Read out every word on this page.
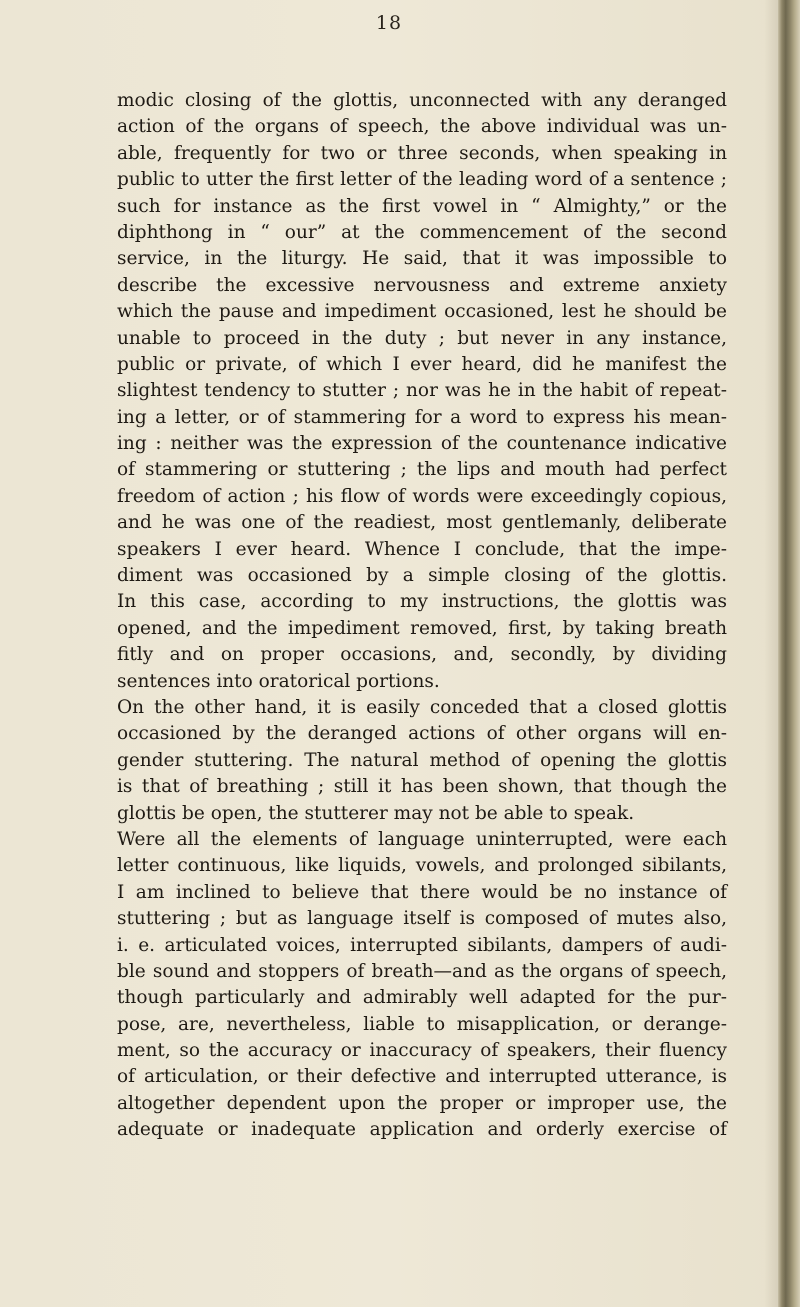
18
modic closing of the glottis, unconnected with any deranged
action of the organs of speech, the above individual was un-
able, frequently for two or three seconds, when speaking in
public to utter the first letter of the leading word of a sentence ;
such for instance as the first vowel in “ Almighty,” or the
diphthong in “ our” at the commencement of the second
service, in the liturgy. He said, that it was impossible to
describe the excessive nervousness and extreme anxiety
which the pause and impediment occasioned, lest he should be
unable to proceed in the duty ; but never in any instance,
public or private, of which I ever heard, did he manifest the
slightest tendency to stutter ; nor was he in the habit of repeat-
ing a letter, or of stammering for a word to express his mean-
ing : neither was the expression of the countenance indicative
of stammering or stuttering ; the lips and mouth had perfect
freedom of action ; his flow of words were exceedingly copious,
and he was one of the readiest, most gentlemanly, deliberate
speakers I ever heard. Whence I conclude, that the impe-
diment was occasioned by a simple closing of the glottis.
In this case, according to my instructions, the glottis was
opened, and the impediment removed, first, by taking breath
fitly and on proper occasions, and, secondly, by dividing
sentences into oratorical portions.
On the other hand, it is easily conceded that a closed glottis
occasioned by the deranged actions of other organs will en-
gender stuttering. The natural method of opening the glottis
is that of breathing ; still it has been shown, that though the
glottis be open, the stutterer may not be able to speak.
Were all the elements of language uninterrupted, were each
letter continuous, like liquids, vowels, and prolonged sibilants,
I am inclined to believe that there would be no instance of
stuttering ; but as language itself is composed of mutes also,
i. e. articulated voices, interrupted sibilants, dampers of audi-
ble sound and stoppers of breath—and as the organs of speech,
though particularly and admirably well adapted for the pur-
pose, are, nevertheless, liable to misapplication, or derange-
ment, so the accuracy or inaccuracy of speakers, their fluency
of articulation, or their defective and interrupted utterance, is
altogether dependent upon the proper or improper use, the
adequate or inadequate application and orderly exercise of
